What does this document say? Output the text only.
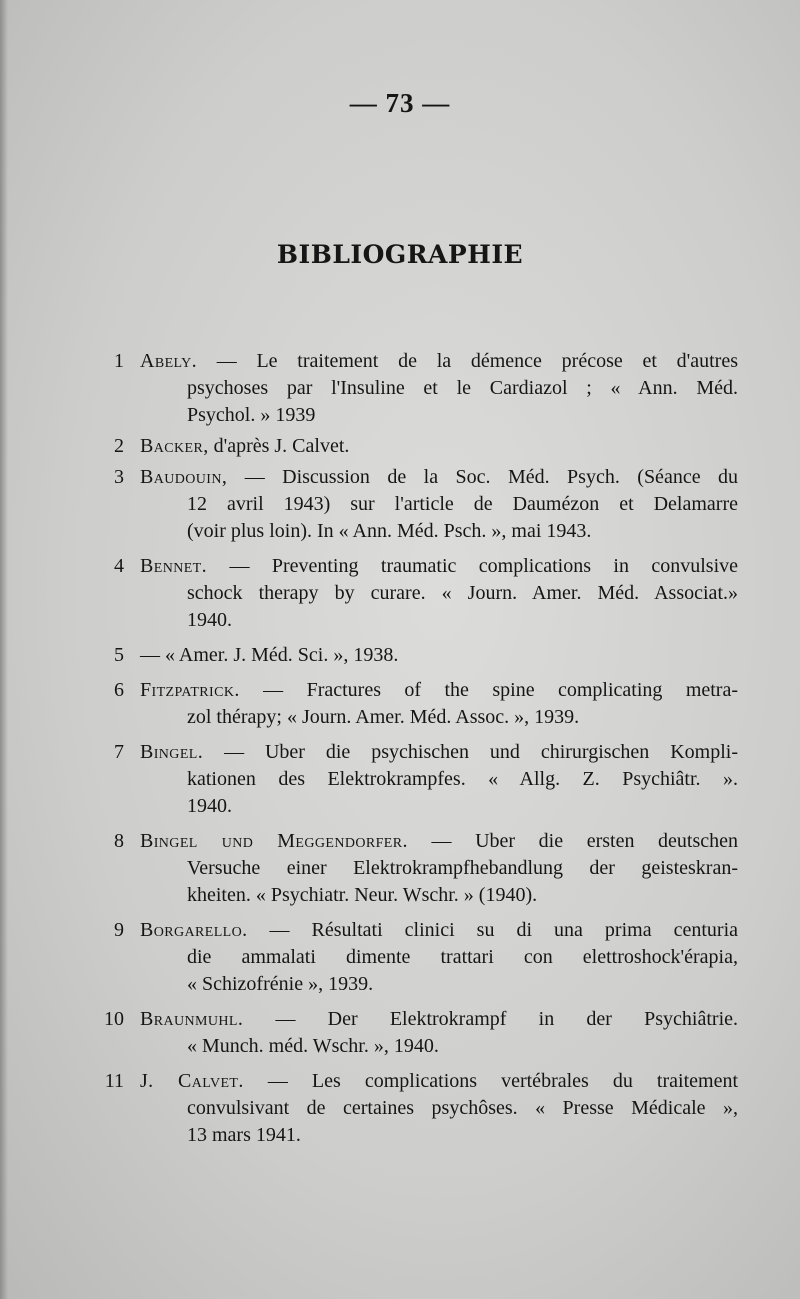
— 73 —
BIBLIOGRAPHIE
1 Abely. — Le traitement de la démence précose et d'autres
psychoses par l'Insuline et le Cardiazol ; « Ann. Méd.
Psychol. » 1939
2 Backer, d'après J. Calvet.
3 Baudouin, — Discussion de la Soc. Méd. Psych. (Séance du
12 avril 1943) sur l'article de Daumézon et Delamarre
(voir plus loin). In « Ann. Méd. Psch. », mai 1943.
4 Bennet. — Preventing traumatic complications in convulsive
schock therapy by curare. « Journ. Amer. Méd. Associat.»
1940.
5 — « Amer. J. Méd. Sci. », 1938.
6 Fitzpatrick. — Fractures of the spine complicating metra-
zol thérapy; « Journ. Amer. Méd. Assoc. », 1939.
7 Bingel. — Uber die psychischen und chirurgischen Kompli-
kationen des Elektrokrampfes. « Allg. Z. Psychiâtr. ».
1940.
8 Bingel und Meggendorfer. — Uber die ersten deutschen
Versuche einer Elektrokrampfhebandlung der geisteskran-
kheiten. « Psychiatr. Neur. Wschr. » (1940).
9 Borgarello. — Résultati clinici su di una prima centuria
die ammalati dimente trattari con elettroshock'érapia,
« Schizofrénie », 1939.
10 Braunmuhl. — Der Elektrokrampf in der Psychiâtrie.
« Munch. méd. Wschr. », 1940.
11 J. Calvet. — Les complications vertébrales du traitement
convulsivant de certaines psychôses. « Presse Médicale »,
13 mars 1941.
